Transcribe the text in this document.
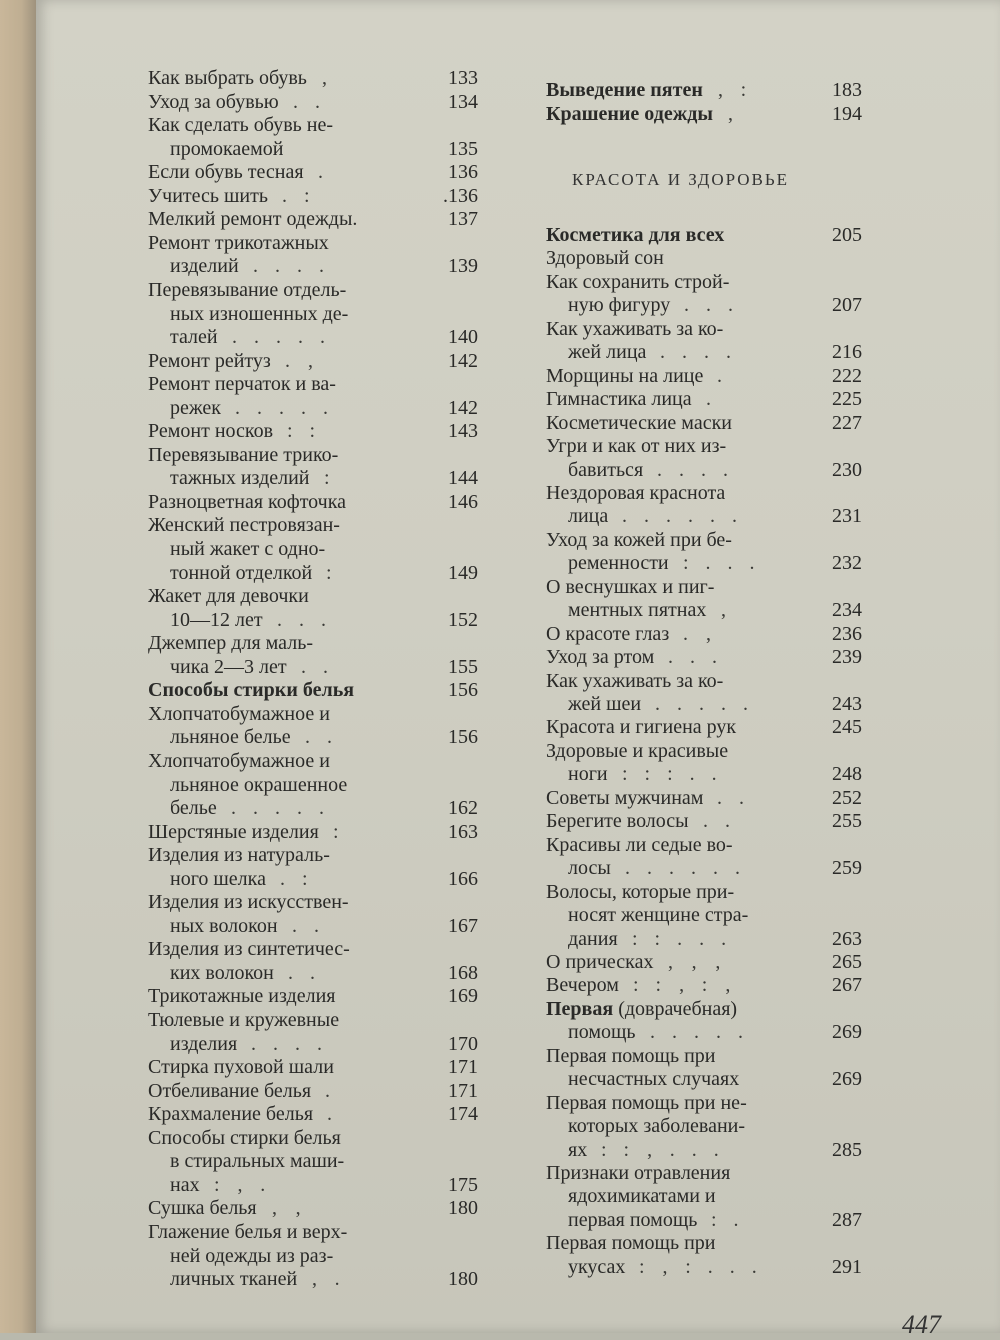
Как выбрать обувь ‚	133
Уход за обувью . .	134
Как сделать обувь не-
промокаемой	135
Если обувь тесная .	136
Учитесь шить . :	.136
Мелкий ремонт одежды.	137
Ремонт трикотажных
изделий . . . .	139
Перевязывание отдель-
ных изношенных де-
талей . . . . .	140
Ремонт рейтуз . ‚	142
Ремонт перчаток и ва-
режек . . . . .	142
Ремонт носков : :	143
Перевязывание трико-
тажных изделий :	144
Разноцветная кофточка	146
Женский пестровязан-
ный жакет с одно-
тонной отделкой :	149
Жакет для девочки
10—12 лет . . .	152
Джемпер для маль-
чика 2—3 лет . .	155
Способы стирки белья	156
Хлопчатобумажное и
льняное белье . .	156
Хлопчатобумажное и
льняное окрашенное
белье . . . . .	162
Шерстяные изделия :	163
Изделия из натураль-
ного шелка . :	166
Изделия из искусствен-
ных волокон . .	167
Изделия из синтетичес-
ких волокон . .	168
Трикотажные изделия	169
Тюлевые и кружевные
изделия . . . .	170
Стирка пуховой шали	171
Отбеливание белья .	171
Крахмаление белья .	174
Способы стирки белья
в стиральных маши-
нах : ‚ .	175
Сушка белья ‚ ‚	180
Глажение белья и верх-
ней одежды из раз-
личных тканей ‚ .	180
Выведение пятен ‚ :	183
Крашение одежды ‚	194
Косметика для всех	205
Здоровый сон
Как сохранить строй-
ную фигуру . . .	207
Как ухаживать за ко-
жей лица . . . .	216
Морщины на лице .	222
Гимнастика лица .	225
Косметические маски	227
Угри и как от них из-
бавиться . . . .	230
Нездоровая краснота
лица . . . . . .	231
Уход за кожей при бе-
ременности : . . .	232
О веснушках и пиг-
ментных пятнах ‚	234
О красоте глаз . ‚	236
Уход за ртом . . .	239
Как ухаживать за ко-
жей шеи . . . . .	243
Красота и гигиена рук	245
Здоровые и красивые
ноги : : : . .	248
Советы мужчинам . .	252
Берегите волосы . .	255
Красивы ли седые во-
лосы . . . . . .	259
Волосы, которые при-
носят женщине стра-
дания : : . . .	263
О прическах ‚ ‚ ‚	265
Вечером : : ‚ : ‚	267
Первая (доврачебная)
помощь . . . . .	269
Первая помощь при
несчастных случаях	269
Первая помощь при не-
которых заболевани-
ях : : ‚ . . .	285
Признаки отравления
ядохимикатами и
первая помощь : .	287
Первая помощь при
укусах : ‚ : . . .	291
КРАСОТА И ЗДОРОВЬЕ
447
